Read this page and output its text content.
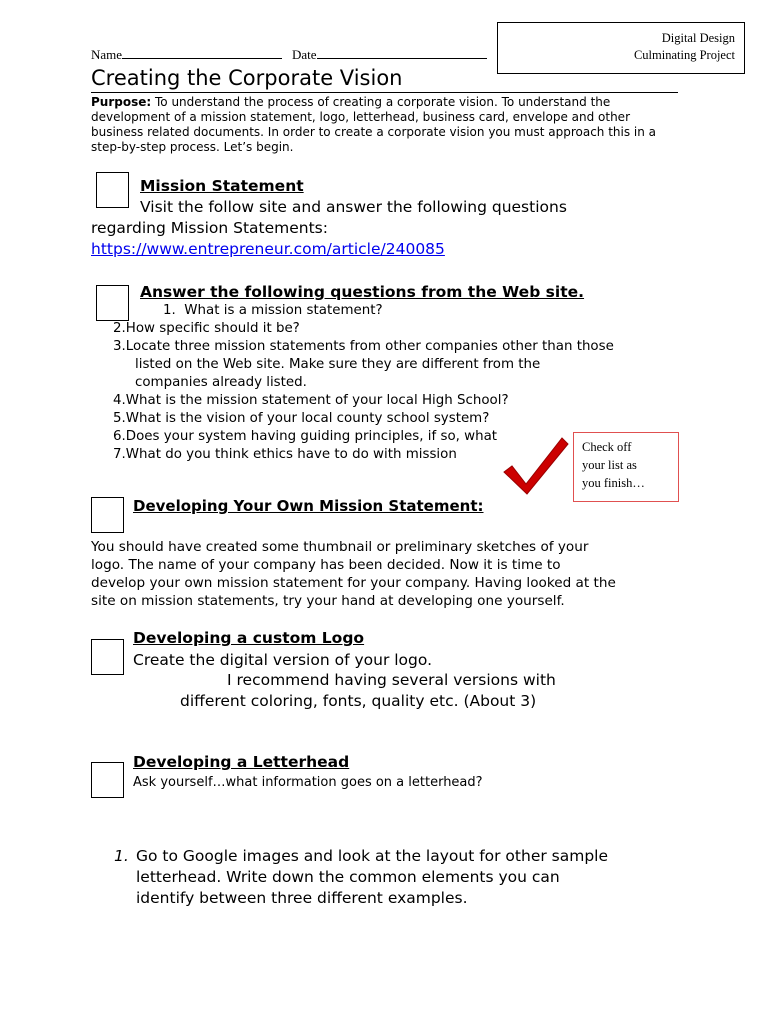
Name	Date
Digital Design
Culminating Project
Creating the Corporate Vision
Purpose: To understand the process of creating a corporate vision. To understand the development of a mission statement, logo, letterhead, business card, envelope and other business related documents. In order to create a corporate vision you must approach this in a step-by-step process. Let’s begin.
Mission Statement
Visit the follow site and answer the following questions
regarding Mission Statements:
https://www.entrepreneur.com/article/240085
Answer the following questions from the Web site.
1. What is a mission statement?
2.How specific should it be?
3.Locate three mission statements from other companies other than those
listed on the Web site. Make sure they are different from the
companies already listed.
4.What is the mission statement of your local High School?
5.What is the vision of your local county school system?
6.Does your system having guiding principles, if so, what
7.What do you think ethics have to do with mission	Check off
your list as
you finish…
Developing Your Own Mission Statement:
You should have created some thumbnail or preliminary sketches of your
logo. The name of your company has been decided. Now it is time to
develop your own mission statement for your company. Having looked at the
site on mission statements, try your hand at developing one yourself.
Developing a custom Logo
Create the digital version of your logo.
I recommend having several versions with
different coloring, fonts, quality etc. (About 3)
Developing a Letterhead
Ask yourself…what information goes on a letterhead?
1. Go to Google images and look at the layout for other sample
letterhead. Write down the common elements you can
identify between three different examples.
